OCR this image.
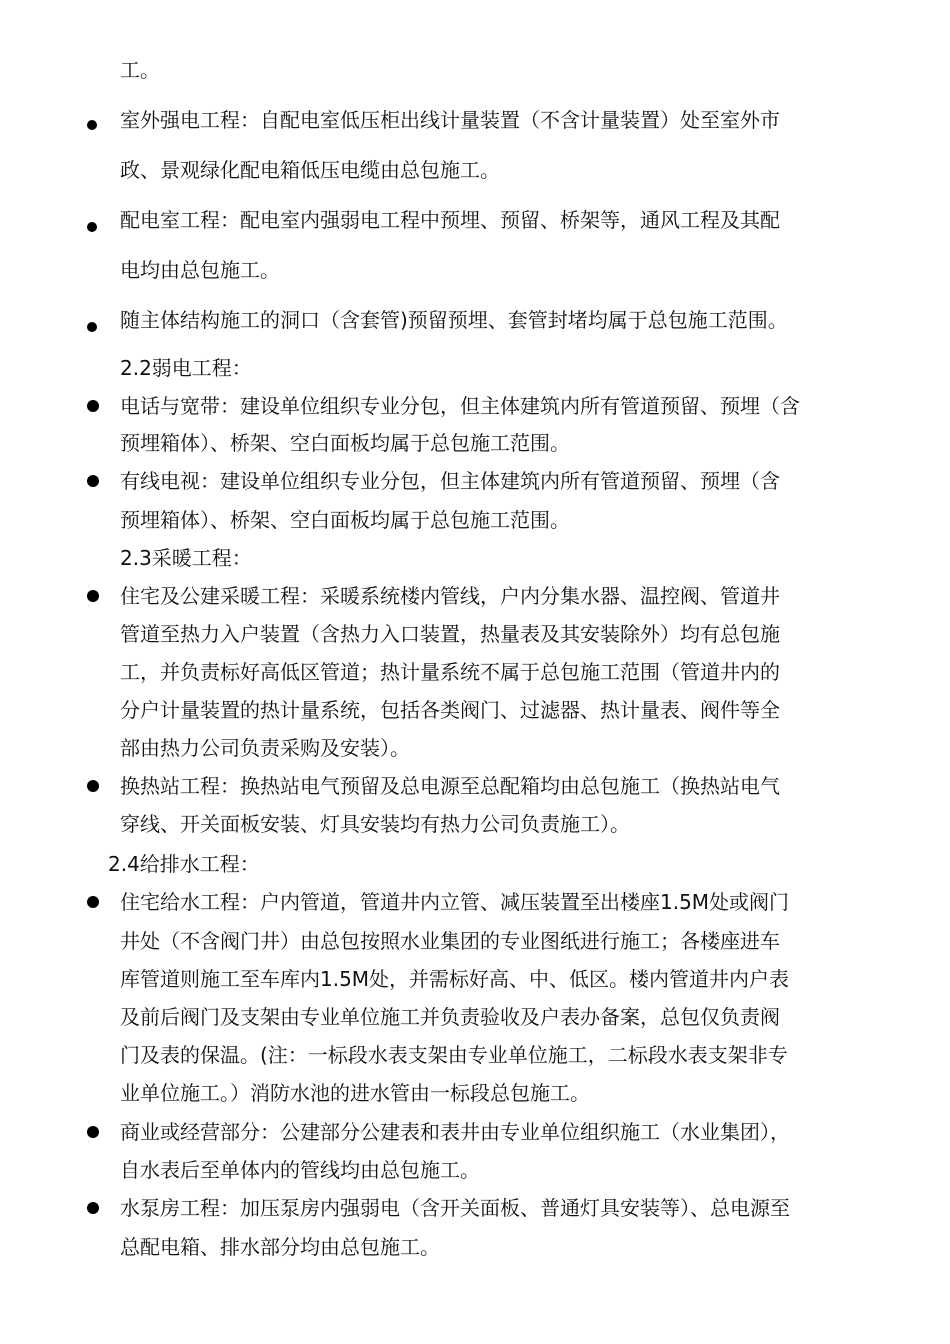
工。
室外强电工程：自配电室低压柜出线计量装置（不含计量装置）处至室外市
政、景观绿化配电箱低压电缆由总包施工。
配电室工程：配电室内强弱电工程中预埋、预留、桥架等，通风工程及其配
电均由总包施工。
随主体结构施工的洞口（含套管)预留预埋、套管封堵均属于总包施工范围。
2.2弱电工程：
电话与宽带：建设单位组织专业分包，但主体建筑内所有管道预留、预埋（含
预埋箱体）、桥架、空白面板均属于总包施工范围。
有线电视：建设单位组织专业分包，但主体建筑内所有管道预留、预埋（含
预埋箱体）、桥架、空白面板均属于总包施工范围。
2.3采暖工程：
住宅及公建采暖工程：采暖系统楼内管线，户内分集水器、温控阀、管道井
管道至热力入户装置（含热力入口装置，热量表及其安装除外）均有总包施
工，并负责标好高低区管道；热计量系统不属于总包施工范围（管道井内的
分户计量装置的热计量系统，包括各类阀门、过滤器、热计量表、阀件等全
部由热力公司负责采购及安装）。
换热站工程：换热站电气预留及总电源至总配箱均由总包施工（换热站电气
穿线、开关面板安装、灯具安装均有热力公司负责施工）。
2.4给排水工程：
住宅给水工程：户内管道，管道井内立管、减压装置至出楼座1.5M处或阀门
井处（不含阀门井）由总包按照水业集团的专业图纸进行施工；各楼座进车
库管道则施工至车库内1.5M处，并需标好高、中、低区。楼内管道井内户表
及前后阀门及支架由专业单位施工并负责验收及户表办备案，总包仅负责阀
门及表的保温。(注：一标段水表支架由专业单位施工，二标段水表支架非专
业单位施工。）消防水池的进水管由一标段总包施工。
商业或经营部分：公建部分公建表和表井由专业单位组织施工（水业集团），
自水表后至单体内的管线均由总包施工。
水泵房工程：加压泵房内强弱电（含开关面板、普通灯具安装等）、总电源至
总配电箱、排水部分均由总包施工。
